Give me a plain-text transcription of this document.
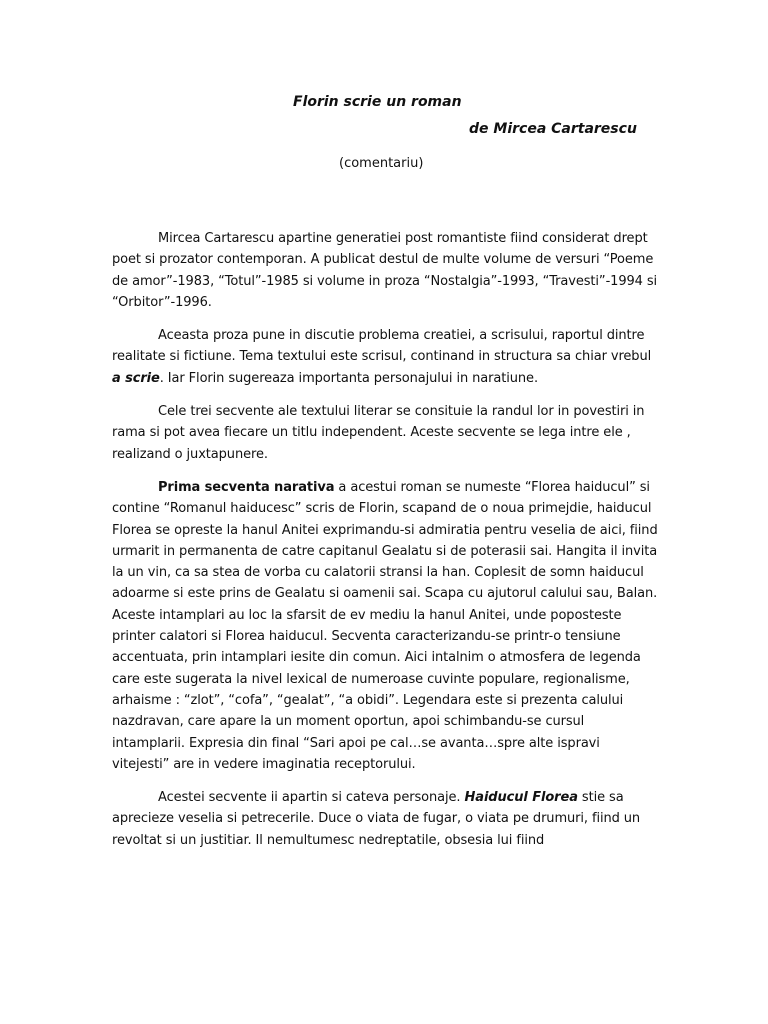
Florin scrie un roman
de Mircea Cartarescu
(comentariu)

Mircea Cartarescu apartine generatiei post romantiste fiind considerat drept poet si prozator contemporan. A publicat destul de multe volume de versuri “Poeme de amor”-1983, “Totul”-1985 si volume in proza “Nostalgia”-1993, “Travesti”-1994 si “Orbitor”-1996.

Aceasta proza pune in discutie problema creatiei, a scrisului, raportul dintre realitate si fictiune. Tema textului este scrisul, continand in structura sa chiar vrebul a scrie. Iar Florin sugereaza importanta personajului in naratiune.

Cele trei secvente ale textului literar se consituie la randul lor in povestiri in rama si pot avea fiecare un titlu independent. Aceste secvente se lega intre ele , realizand o juxtapunere.

Prima secventa narativa a acestui roman se numeste “Florea haiducul” si contine “Romanul haiducesc” scris de Florin, scapand de o noua primejdie, haiducul Florea se opreste la hanul Anitei exprimandu-si admiratia pentru veselia de aici, fiind urmarit in permanenta de catre capitanul Gealatu si de poterasii sai. Hangita il invita la un vin, ca sa stea de vorba cu calatorii stransi la han. Coplesit de somn haiducul adoarme si este prins de Gealatu si oamenii sai. Scapa cu ajutorul calului sau, Balan. Aceste intamplari au loc la sfarsit de ev mediu la hanul Anitei, unde poposteste printer calatori si Florea haiducul. Secventa caracterizandu-se printr-o tensiune accentuata, prin intamplari iesite din comun. Aici intalnim o atmosfera de legenda care este sugerata la nivel lexical de numeroase cuvinte populare, regionalisme, arhaisme : “zlot”, “cofa”, “gealat”, “a obidi”. Legendara este si prezenta calului nazdravan, care apare la un moment oportun, apoi schimbandu-se cursul intamplarii. Expresia din final “Sari apoi pe cal…se avanta…spre alte ispravi vitejesti” are in vedere imaginatia receptorului.

Acestei secvente ii apartin si cateva personaje. Haiducul Florea stie sa aprecieze veselia si petrecerile. Duce o viata de fugar, o viata pe drumuri, fiind un revoltat si un justitiar. Il nemultumesc nedreptatile, obsesia lui fiind
